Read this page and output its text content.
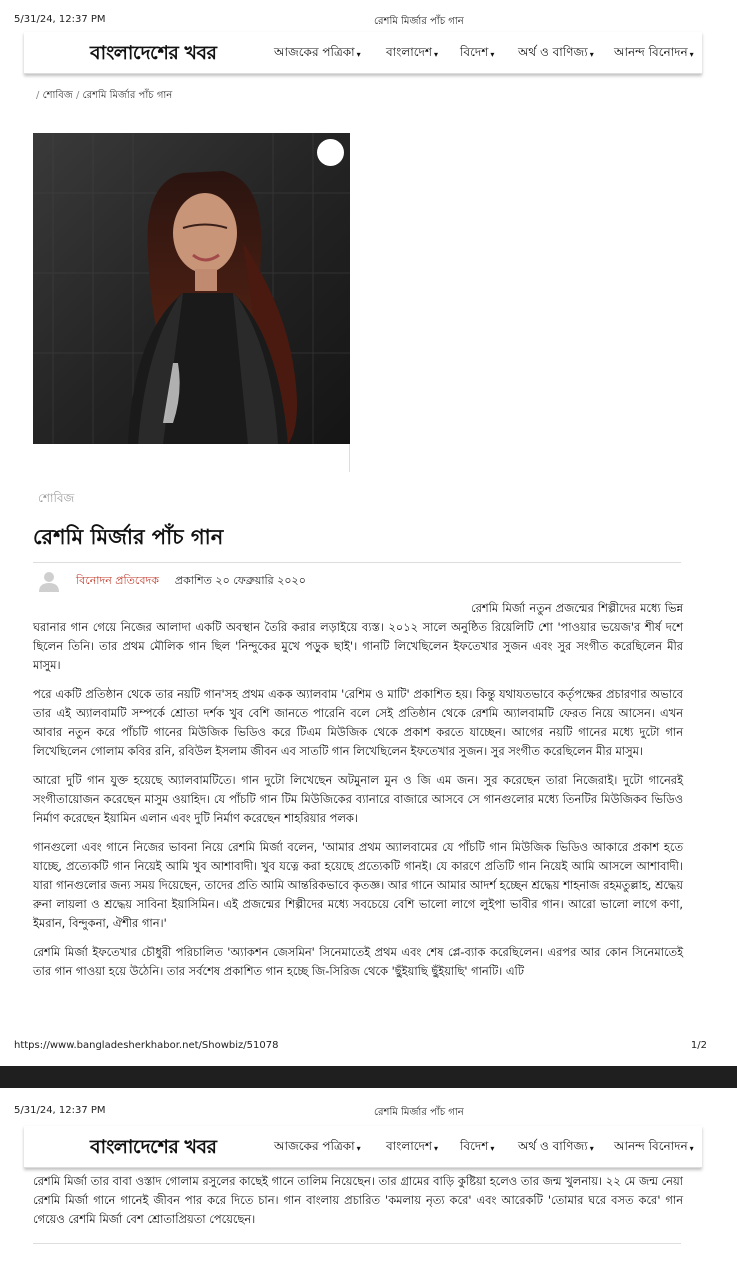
5/31/24, 12:37 PM	রেশমি মির্জার পাঁচ গান
বাংলাদেশের খবর	আজকের পত্রিকা ▾ বাংলাদেশ ▾ বিদেশ ▾ অর্থ ও বাণিজ্য ▾ আনন্দ বিনোদন ▾
/ শোবিজ / রেশমি মির্জার পাঁচ গান
শোবিজ
রেশমি মির্জার পাঁচ গান
বিনোদন প্রতিবেদক প্রকাশিত ২০ ফেব্রুয়ারি ২০২০

রেশমি মির্জা নতুন প্রজন্মের শিল্পীদের মধ্যে ভিন্ন ঘরানার গান গেয়ে নিজের আলাদা একটি অবস্থান তৈরি করার লড়াইয়ে ব্যস্ত। ২০১২ সালে অনুষ্ঠিত রিয়েলিটি শো 'পাওয়ার ভয়েজ'র শীর্ষ দশে ছিলেন তিনি। তার প্রথম মৌলিক গান ছিল 'নিন্দুকের মুখে পড়ুক ছাই'। গানটি লিখেছিলেন ইফতেখার সুজন এবং সুর সংগীত করেছিলেন মীর মাসুম।

পরে একটি প্রতিষ্ঠান থেকে তার নয়টি গান'সহ প্রথম একক অ্যালবাম 'রেশিম ও মাটি' প্রকাশিত হয়। কিন্তু যথাযতভাবে কর্তৃপক্ষের প্রচারণার অভাবে তার এই অ্যালবামটি সম্পর্কে শ্রোতা দর্শক খুব বেশি জানতে পারেনি বলে সেই প্রতিষ্ঠান থেকে রেশমি অ্যালবামটি ফেরত নিয়ে আসেন। এখন আবার নতুন করে পাঁচটি গানের মিউজিক ভিডিও করে টিএম মিউজিক থেকে প্রকাশ করতে যাচ্ছেন। আগের নয়টি গানের মধ্যে দুটো গান লিখেছিলেন গোলাম কবির রনি, রবিউল ইসলাম জীবন এব সাতটি গান লিখেছিলেন ইফতেখার সুজন। সুর সংগীত করেছিলেন মীর মাসুম।

আরো দুটি গান যুক্ত হয়েছে অ্যালবামটিতে। গান দুটো লিখেছেন অটমুনাল মুন ও জি এম জন। সুর করেছেন তারা নিজেরাই। দুটো গানেরই সংগীতায়োজন করেছেন মাসুম ওয়াহিদ। যে পাঁচটি গান টিম মিউজিকের ব্যানারে বাজারে আসবে সে গানগুলোর মধ্যে তিনটির মিউজিকব ভিডিও নির্মাণ করেছেন ইয়ামিন এলান এবং দুটি নির্মাণ করেছেন শাহরিয়ার পলক।

গানগুলো এবং গানে নিজের ভাবনা নিয়ে রেশমি মির্জা বলেন, 'আমার প্রথম অ্যালবামের যে পাঁচটি গান মিউজিক ভিডিও আকারে প্রকাশ হতে যাচ্ছে, প্রত্যেকটি গান নিয়েই আমি খুব আশাবাদী। খুব যত্নে করা হয়েছে প্রত্যেকটি গানই। যে কারণে প্রতিটি গান নিয়েই আমি আসলে আশাবাদী। যারা গানগুলোর জন্য সময় দিয়েছেন, তাদের প্রতি আমি আন্তরিকভাবে কৃতজ্ঞ। আর গানে আমার আদর্শ হচ্ছেন শ্রদ্ধেয় শাহনাজ রহমতুল্লাহ, শ্রদ্ধেয় রুনা লায়লা ও শ্রদ্ধেয় সাবিনা ইয়াসিমিন। এই প্রজন্মের শিল্পীদের মধ্যে সবচেয়ে বেশি ভালো লাগে লুইপা ভাবীর গান। আরো ভালো লাগে কণা, ইমরান, বিন্দুকনা, ঐশীর গান।'

রেশমি মির্জা ইফতেখার চৌধুরী পরিচালিত 'অ্যাকশন জেসমিন' সিনেমাতেই প্রথম এবং শেষ প্লে-ব্যাক করেছিলেন। এরপর আর কোন সিনেমাতেই তার গান গাওয়া হয়ে উঠেনি। তার সর্বশেষ প্রকাশিত গান হচ্ছে জি-সিরিজ থেকে 'ছুঁইয়াছি ছুঁইয়াছি' গানটি। এটি

https://www.bangladesherkhabor.net/Showbiz/51078	1/2
5/31/24, 12:37 PM	রেশমি মির্জার পাঁচ গান
বাংলাদেশের খবর	আজকের পত্রিকা ▾ বাংলাদেশ ▾ বিদেশ ▾ অর্থ ও বাণিজ্য ▾ আনন্দ বিনোদন ▾
রেশমি মির্জা তার বাবা ওস্তাদ গোলাম রসুলের কাছেই গানে তালিম নিয়েছেন। তার গ্রামের বাড়ি কুষ্টিয়া হলেও তার জন্ম খুলনায়। ২২ মে জন্ম নেয়া রেশমি মির্জা গানে গানেই জীবন পার করে দিতে চান। গান বাংলায় প্রচারিত 'কমলায় নৃত্য করে' এবং আরেকটি 'তোমার ঘরে বসত করে' গান গেয়েও রেশমি মির্জা বেশ শ্রোতাপ্রিয়তা পেয়েছেন।
